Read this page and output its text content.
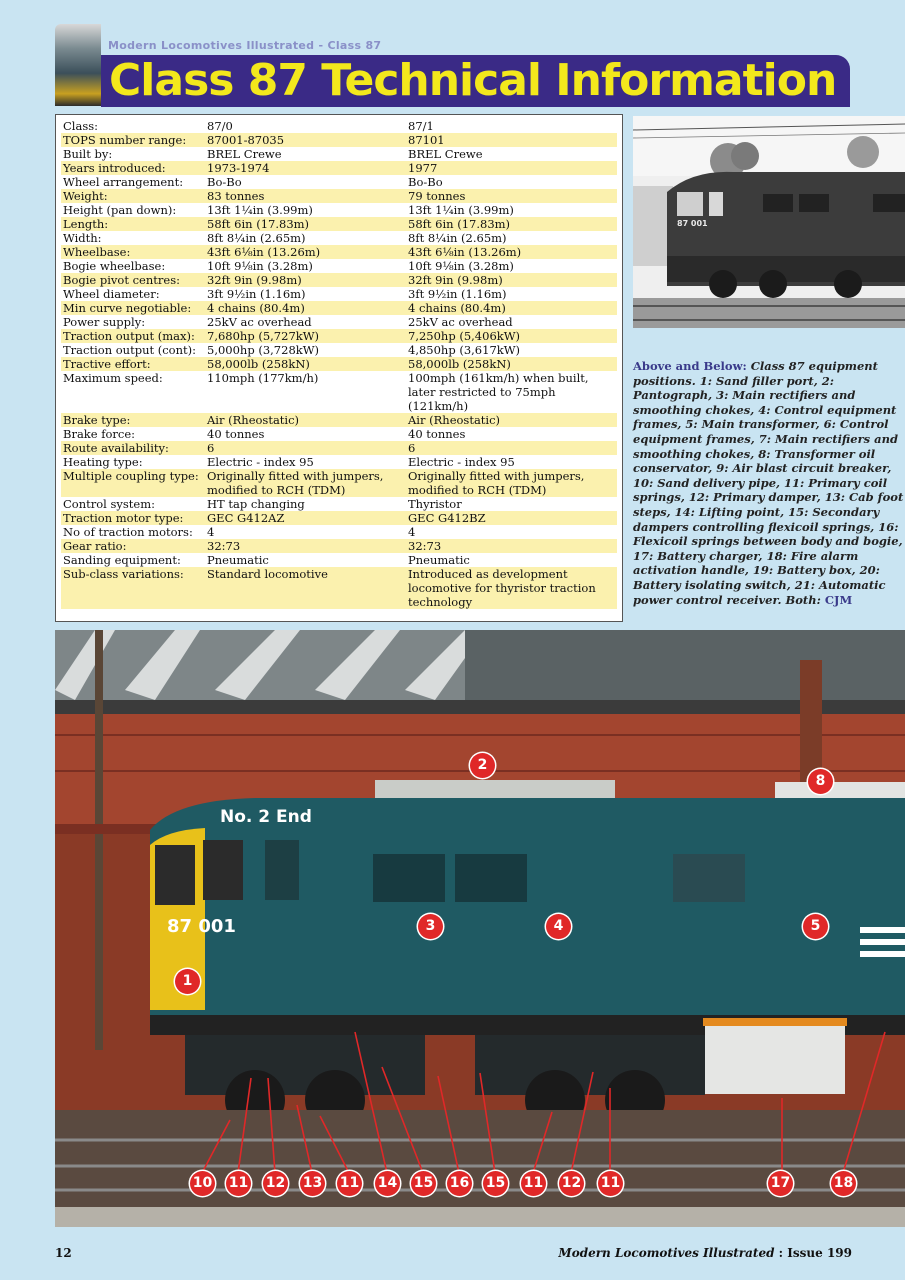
Modern Locomotives Illustrated - Class 87
Class 87 Technical Information
Class:	87/0	87/1
TOPS number range:	87001-87035	87101
Built by:	BREL Crewe	BREL Crewe
Years introduced:	1973-1974	1977
Wheel arrangement:	Bo-Bo	Bo-Bo
Weight:	83 tonnes	79 tonnes
Height (pan down):	13ft 1¼in (3.99m)	13ft 1¼in (3.99m)
Length:	58ft 6in (17.83m)	58ft 6in (17.83m)
Width:	8ft 8¼in (2.65m)	8ft 8¼in (2.65m)
Wheelbase:	43ft 6⅛in (13.26m)	43ft 6⅛in (13.26m)
Bogie wheelbase:	10ft 9⅛in (3.28m)	10ft 9⅛in (3.28m)
Bogie pivot centres:	32ft 9in (9.98m)	32ft 9in (9.98m)
Wheel diameter:	3ft 9½in (1.16m)	3ft 9½in (1.16m)
Min curve negotiable:	4 chains (80.4m)	4 chains (80.4m)
Power supply:	25kV ac overhead	25kV ac overhead
Traction output (max):	7,680hp (5,727kW)	7,250hp (5,406kW)
Traction output (cont):	5,000hp (3,728kW)	4,850hp (3,617kW)
Tractive effort:	58,000lb (258kN)	58,000lb (258kN)
Maximum speed:	110mph (177km/h)	100mph (161km/h) when built, later restricted to 75mph (121km/h)
Brake type:	Air (Rheostatic)	Air (Rheostatic)
Brake force:	40 tonnes	40 tonnes
Route availability:	6	6
Heating type:	Electric - index 95	Electric - index 95
Multiple coupling type:	Originally fitted with jumpers, modified to RCH (TDM)	Originally fitted with jumpers, modified to RCH (TDM)
Control system:	HT tap changing	Thyristor
Traction motor type:	GEC G412AZ	GEC G412BZ
No of traction motors:	4	4
Gear ratio:	32:73	32:73
Sanding equipment:	Pneumatic	Pneumatic
Sub-class variations:	Standard locomotive	Introduced as development locomotive for thyristor traction technology
87 001
Above and Below: Class 87 equipment positions. 1: Sand filler port, 2: Pantograph, 3: Main rectifiers and smoothing chokes, 4: Control equipment frames, 5: Main transformer, 6: Control equipment frames, 7: Main rectifiers and smoothing chokes, 8: Transformer oil conservator, 9: Air blast circuit breaker, 10: Sand delivery pipe, 11: Primary coil springs, 12: Primary damper, 13: Cab foot steps, 14: Lifting point, 15: Secondary dampers controlling flexicoil springs, 16: Flexicoil springs between body and bogie, 17: Battery charger, 18: Fire alarm activation handle, 19: Battery box, 20: Battery isolating switch, 21: Automatic power control receiver. Both: CJM
No. 2 End
87 001
1
2
3	4	5
8
10 11 12 13 11 14 15 16 15 11 12 11	17	18
12	Modern Locomotives Illustrated : Issue 199
